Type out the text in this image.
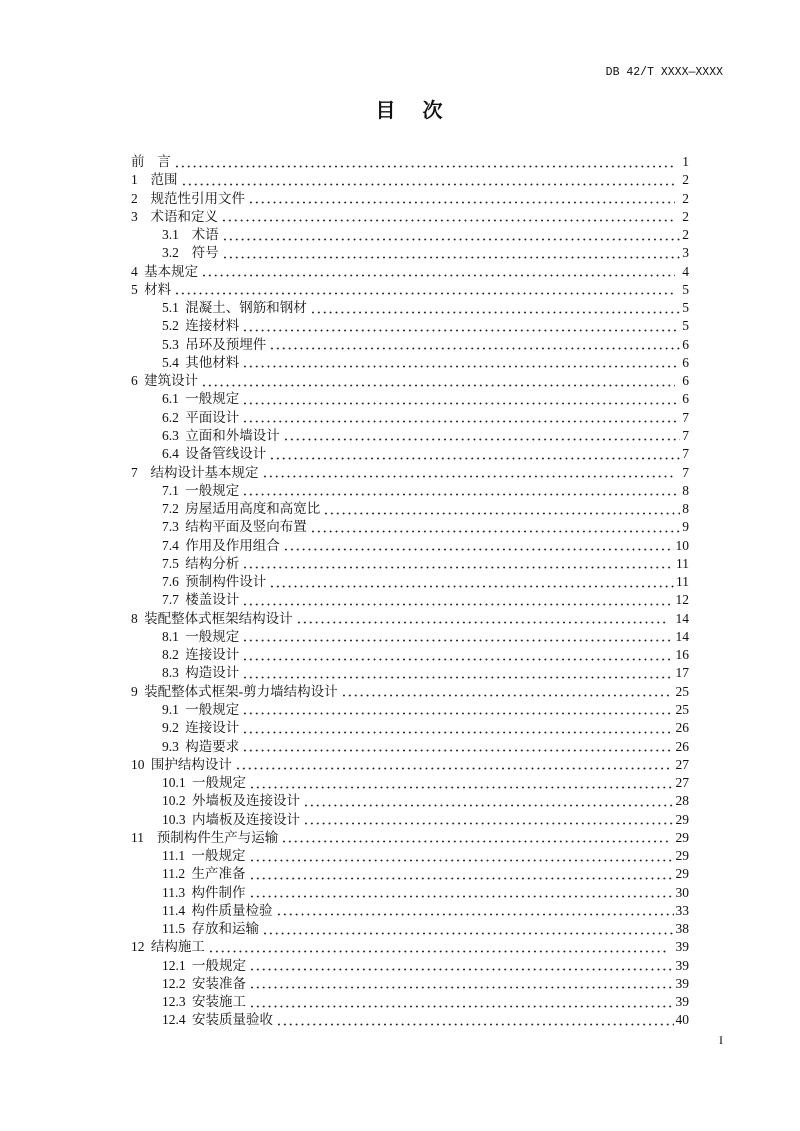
DB 42/T XXXX—XXXX
目 次
前  言	1
1  范围	2
2  规范性引用文件	2
3  术语和定义	2
3.1  术语	2
3.2  符号	3
4 基本规定	4
5 材料	5
5.1 混凝土、钢筋和钢材	5
5.2 连接材料	5
5.3 吊环及预埋件	6
5.4 其他材料	6
6 建筑设计	6
6.1 一般规定	6
6.2 平面设计	7
6.3 立面和外墙设计	7
6.4 设备管线设计	7
7  结构设计基本规定	7
7.1 一般规定	8
7.2 房屋适用高度和高宽比	8
7.3 结构平面及竖向布置	9
7.4 作用及作用组合	10
7.5 结构分析	11
7.6 预制构件设计	11
7.7 楼盖设计	12
8 装配整体式框架结构设计	14
8.1 一般规定	14
8.2 连接设计	16
8.3 构造设计	17
9 装配整体式框架-剪力墙结构设计	25
9.1 一般规定	25
9.2 连接设计	26
9.3 构造要求	26
10 围护结构设计	27
10.1 一般规定	27
10.2 外墙板及连接设计	28
10.3 内墙板及连接设计	29
11  预制构件生产与运输	29
11.1 一般规定	29
11.2 生产准备	29
11.3 构件制作	30
11.4 构件质量检验	33
11.5 存放和运输	38
12 结构施工	39
12.1 一般规定	39
12.2 安装准备	39
12.3 安装施工	39
12.4 安装质量验收	40
I
